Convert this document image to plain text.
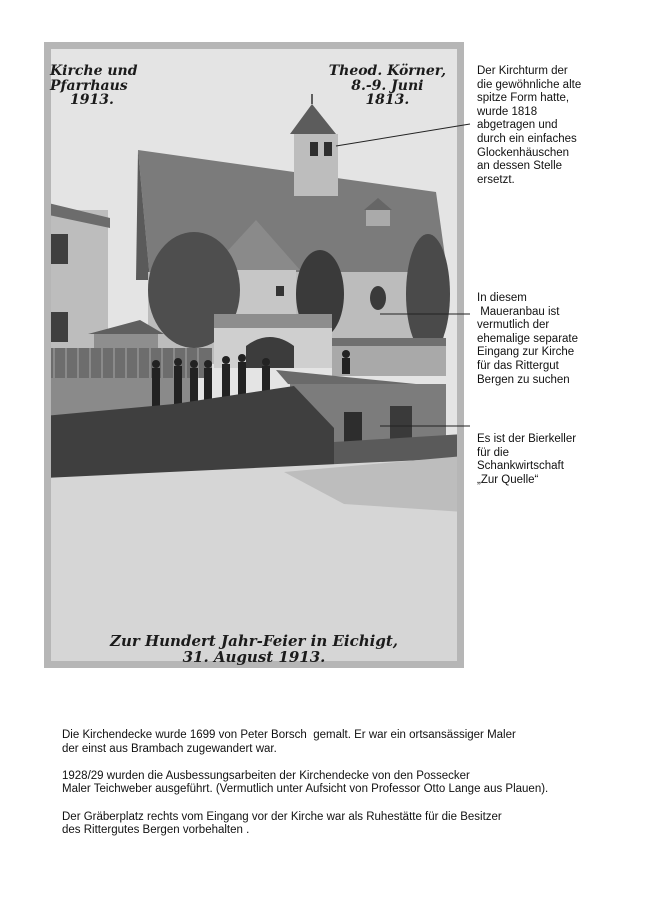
Kirche und
Pfarrhaus

1913.
Theod. Körner,
8.-9. Juni
1813.
Zur Hundert Jahr-Feier in Eichigt,
31. August 1913.
Der Kirchturm der
die gewöhnliche alte
spitze Form hatte,
wurde 1818
abgetragen und
durch ein einfaches
Glockenhäuschen
an dessen Stelle
ersetzt.
In diesem
Maueranbau ist
vermutlich der
ehemalige separate
Eingang zur Kirche
für das Rittergut
Bergen zu suchen
Es ist der Bierkeller
für die
Schankwirtschaft
„Zur Quelle“

Die Kirchendecke wurde 1699 von Peter Borsch  gemalt. Er war ein ortsansässiger Maler
der einst aus Brambach zugewandert war.

1928/29 wurden die Ausbessungsarbeiten der Kirchendecke von den Possecker
Maler Teichweber ausgeführt. (Vermutlich unter Aufsicht von Professor Otto Lange aus Plauen).

Der Gräberplatz rechts vom Eingang vor der Kirche war als Ruhestätte für die Besitzer
des Rittergutes Bergen vorbehalten .
